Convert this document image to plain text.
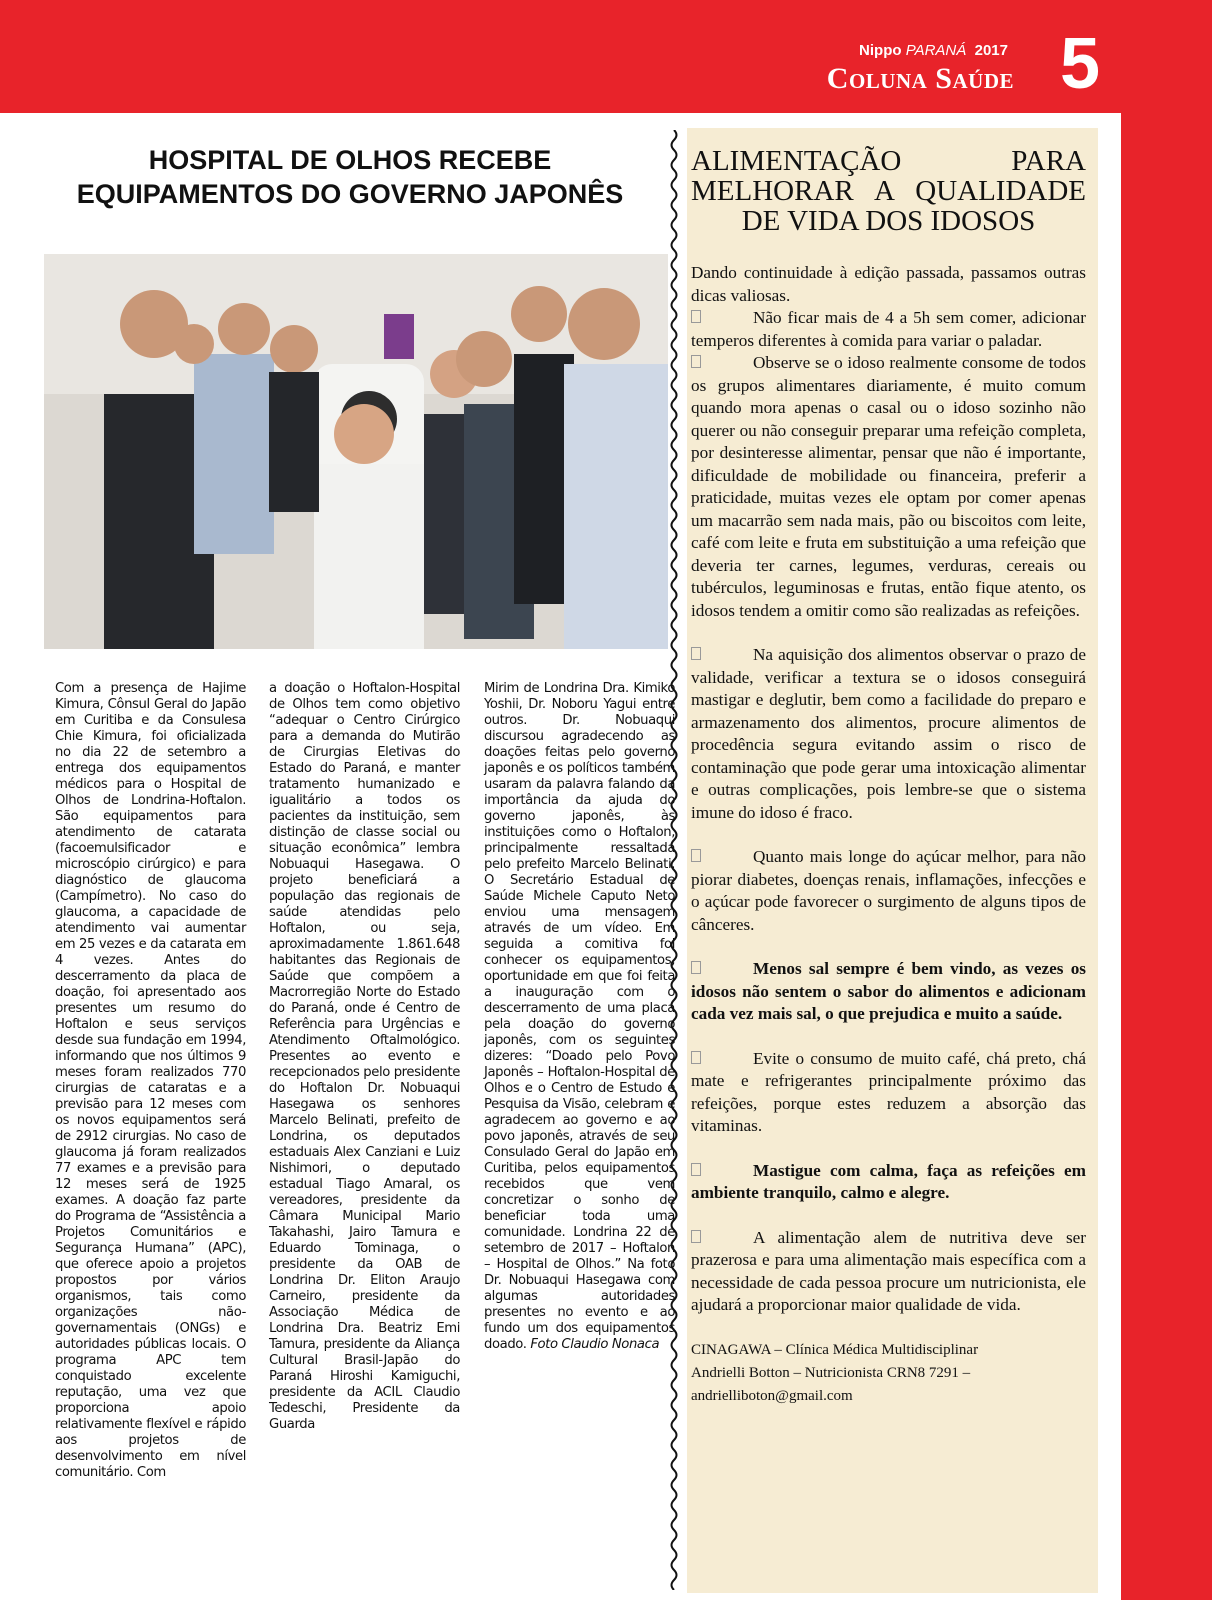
Nippo PARANÁ 2017
Coluna Saúde 5
HOSPITAL DE OLHOS RECEBE
EQUIPAMENTOS DO GOVERNO JAPONÊS
Com a presença de Hajime Kimura, Cônsul Geral do Japão em Curitiba e da Consulesa Chie Kimura, foi oficializada no dia 22 de setembro a entrega dos equipamentos médicos para o Hospital de Olhos de Londrina-Hoftalon. São equipamentos para atendimento de catarata (facoemulsificador e microscópio cirúrgico) e para diagnóstico de glaucoma (Campímetro). No caso do glaucoma, a capacidade de atendimento vai aumentar em 25 vezes e da catarata em 4 vezes. Antes do descerramento da placa de doação, foi apresentado aos presentes um resumo do Hoftalon e seus serviços desde sua fundação em 1994, informando que nos últimos 9 meses foram realizados 770 cirurgias de cataratas e a previsão para 12 meses com os novos equipamentos será de 2912 cirurgias. No caso de glaucoma já foram realizados 77 exames e a previsão para 12 meses será de 1925 exames. A doação faz parte do Programa de “Assistência a Projetos Comunitários e Segurança Humana” (APC), que oferece apoio a projetos propostos por vários organismos, tais como organizações não-governamentais (ONGs) e autoridades públicas locais. O programa APC tem conquistado excelente reputação, uma vez que proporciona apoio relativamente flexível e rápido aos projetos de desenvolvimento em nível comunitário. Com
a doação o Hoftalon-Hospital de Olhos tem como objetivo “adequar o Centro Cirúrgico para a demanda do Mutirão de Cirurgias Eletivas do Estado do Paraná, e manter tratamento humanizado e igualitário a todos os pacientes da instituição, sem distinção de classe social ou situação econômica” lembra Nobuaqui Hasegawa. O projeto beneficiará a população das regionais de saúde atendidas pelo Hoftalon, ou seja, aproximadamente 1.861.648 habitantes das Regionais de Saúde que compõem a Macrorregião Norte do Estado do Paraná, onde é Centro de Referência para Urgências e Atendimento Oftalmológico. Presentes ao evento e recepcionados pelo presidente do Hoftalon Dr. Nobuaqui Hasegawa os senhores Marcelo Belinati, prefeito de Londrina, os deputados estaduais Alex Canziani e Luiz Nishimori, o deputado estadual Tiago Amaral, os vereadores, presidente da Câmara Municipal Mario Takahashi, Jairo Tamura e Eduardo Tominaga, o presidente da OAB de Londrina Dr. Eliton Araujo Carneiro, presidente da Associação Médica de Londrina Dra. Beatriz Emi Tamura, presidente da Aliança Cultural Brasil-Japão do Paraná Hiroshi Kamiguchi, presidente da ACIL Claudio Tedeschi, Presidente da Guarda
Mirim de Londrina Dra. Kimiko Yoshii, Dr. Noboru Yagui entre outros. Dr. Nobuaqui discursou agradecendo as doações feitas pelo governo japonês e os políticos também usaram da palavra falando da importância da ajuda do governo japonês, às instituições como o Hoftalon, principalmente ressaltada pelo prefeito Marcelo Belinati. O Secretário Estadual de Saúde Michele Caputo Neto enviou uma mensagem através de um vídeo. Em seguida a comitiva foi conhecer os equipamentos, oportunidade em que foi feita a inauguração com o descerramento de uma placa pela doação do governo japonês, com os seguintes dizeres: “Doado pelo Povo Japonês – Hoftalon-Hospital de Olhos e o Centro de Estudo e Pesquisa da Visão, celebram e agradecem ao governo e ao povo japonês, através de seu Consulado Geral do Japão em Curitiba, pelos equipamentos recebidos que vem concretizar o sonho de beneficiar toda uma comunidade. Londrina 22 de setembro de 2017 – Hoftalon – Hospital de Olhos.” Na foto Dr. Nobuaqui Hasegawa com algumas autoridades presentes no evento e ao fundo um dos equipamentos doado. Foto Claudio Nonaca
ALIMENTAÇÃO PARA
MELHORAR A QUALIDADE
DE VIDA DOS IDOSOS

Dando continuidade à edição passada, passamos outras dicas valiosas.

Não ficar mais de 4 a 5h sem comer, adicionar temperos diferentes à comida para variar o paladar.

Observe se o idoso realmente consome de todos os grupos alimentares diariamente, é muito comum quando mora apenas o casal ou o idoso sozinho não querer ou não conseguir preparar uma refeição completa, por desinteresse alimentar, pensar que não é importante, dificuldade de mobilidade ou financeira, preferir a praticidade, muitas vezes ele optam por comer apenas um macarrão sem nada mais, pão ou biscoitos com leite, café com leite e fruta em substituição a uma refeição que deveria ter carnes, legumes, verduras, cereais ou tubérculos, leguminosas e frutas, então fique atento, os idosos tendem a omitir como são realizadas as refeições.

Na aquisição dos alimentos observar o prazo de validade, verificar a textura se o idosos conseguirá mastigar e deglutir, bem como a facilidade do preparo e armazenamento dos alimentos, procure alimentos de procedência segura evitando assim o risco de contaminação que pode gerar uma intoxicação alimentar e outras complicações, pois lembre-se que o sistema imune do idoso é fraco.

Quanto mais longe do açúcar melhor, para não piorar diabetes, doenças renais, inflamações, infecções e o açúcar pode favorecer o surgimento de alguns tipos de cânceres.

Menos sal sempre é bem vindo, as vezes os idosos não sentem o sabor do alimentos e adicionam cada vez mais sal, o que prejudica e muito a saúde.

Evite o consumo de muito café, chá preto, chá mate e refrigerantes principalmente próximo das refeições, porque estes reduzem a absorção das vitaminas.

Mastigue com calma, faça as refeições em ambiente tranquilo, calmo e alegre.

A alimentação alem de nutritiva deve ser prazerosa e para uma alimentação mais específica com a necessidade de cada pessoa procure um nutricionista, ele ajudará a proporcionar maior qualidade de vida.

CINAGAWA – Clínica Médica Multidisciplinar
Andrielli Botton – Nutricionista CRN8 7291 – andrielliboton@gmail.com
